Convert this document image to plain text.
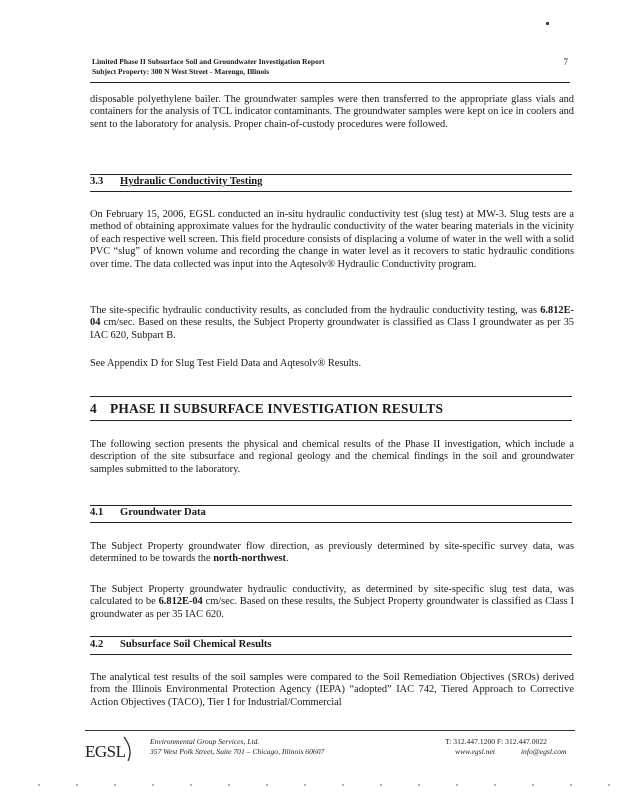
Limited Phase II Subsurface Soil and Groundwater Investigation Report
Subject Property: 300 N West Street - Marengo, Illinois
7

disposable polyethylene bailer. The groundwater samples were then transferred to the appropriate glass vials and containers for the analysis of TCL indicator contaminants. The groundwater samples were kept on ice in coolers and sent to the laboratory for analysis. Proper chain-of-custody procedures were followed.

3.3 Hydraulic Conductivity Testing

On February 15, 2006, EGSL conducted an in-situ hydraulic conductivity test (slug test) at MW-3. Slug tests are a method of obtaining approximate values for the hydraulic conductivity of the water bearing materials in the vicinity of each respective well screen. This field procedure consists of displacing a volume of water in the well with a solid PVC “slug” of known volume and recording the change in water level as it recovers to static hydraulic conditions over time. The data collected was input into the Aqtesolv® Hydraulic Conductivity program.

The site-specific hydraulic conductivity results, as concluded from the hydraulic conductivity testing, was 6.812E-04 cm/sec. Based on these results, the Subject Property groundwater is classified as Class I groundwater as per 35 IAC 620, Subpart B.

See Appendix D for Slug Test Field Data and Aqtesolv® Results.

4 PHASE II SUBSURFACE INVESTIGATION RESULTS

The following section presents the physical and chemical results of the Phase II investigation, which include a description of the site subsurface and regional geology and the chemical findings in the soil and groundwater samples submitted to the laboratory.

4.1 Groundwater Data

The Subject Property groundwater flow direction, as previously determined by site-specific survey data, was determined to be towards the north-northwest.

The Subject Property groundwater hydraulic conductivity, as determined by site-specific slug test data, was calculated to be 6.812E-04 cm/sec. Based on these results, the Subject Property groundwater is classified as Class I groundwater as per 35 IAC 620.

4.2 Subsurface Soil Chemical Results

The analytical test results of the soil samples were compared to the Soil Remediation Objectives (SROs) derived from the Illinois Environmental Protection Agency (IEPA) “adopted” IAC 742, Tiered Approach to Corrective Action Objectives (TACO), Tier I for Industrial/Commercial

EGSL
Environmental Group Services, Ltd.
357 West Polk Street, Suite 701 – Chicago, Illinois 60607
T: 312.447.1200 F: 312.447.0022
www.egsl.net	info@egsl.com
